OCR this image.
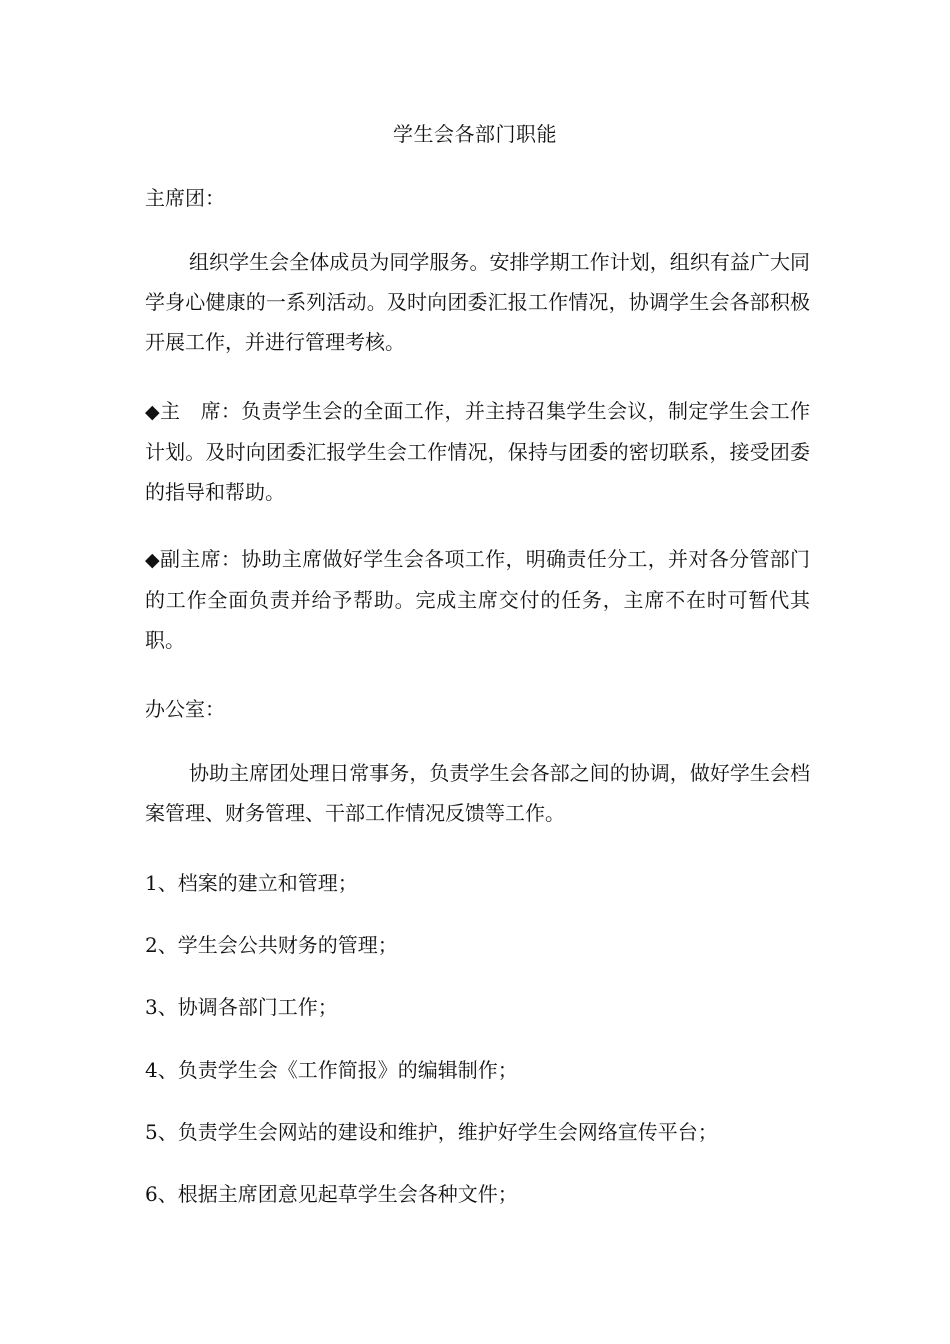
学生会各部门职能
主席团：
组织学生会全体成员为同学服务。安排学期工作计划，组织有益广大同学身心健康的一系列活动。及时向团委汇报工作情况，协调学生会各部积极开展工作，并进行管理考核。
◆主　席：负责学生会的全面工作，并主持召集学生会议，制定学生会工作计划。及时向团委汇报学生会工作情况，保持与团委的密切联系，接受团委的指导和帮助。
◆副主席：协助主席做好学生会各项工作，明确责任分工，并对各分管部门的工作全面负责并给予帮助。完成主席交付的任务，主席不在时可暂代其职。
办公室：
协助主席团处理日常事务，负责学生会各部之间的协调，做好学生会档案管理、财务管理、干部工作情况反馈等工作。
1、档案的建立和管理；
2、学生会公共财务的管理；
3、协调各部门工作；
4、负责学生会《工作简报》的编辑制作；
5、负责学生会网站的建设和维护，维护好学生会网络宣传平台；
6、根据主席团意见起草学生会各种文件；
